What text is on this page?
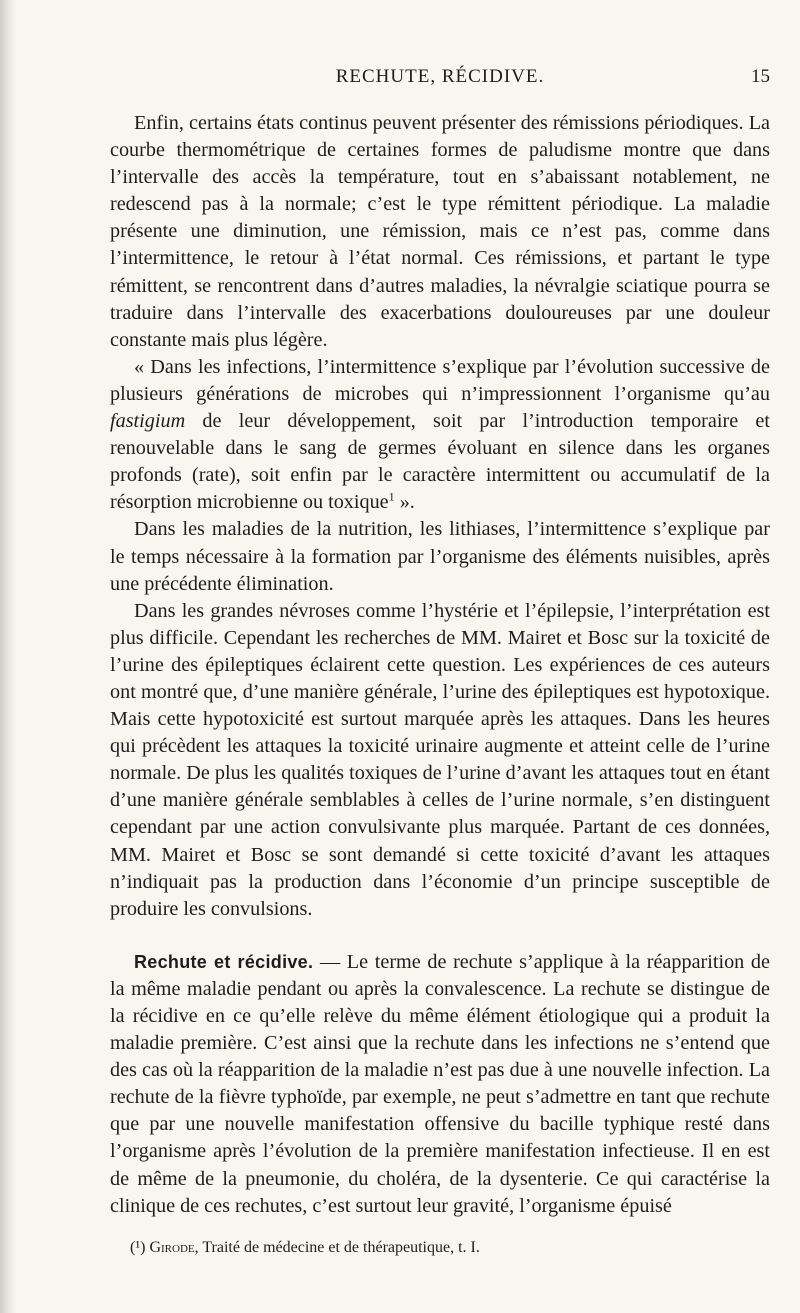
RECHUTE, RÉCIDIVE.	15

Enfin, certains états continus peuvent présenter des rémissions périodiques. La courbe thermométrique de certaines formes de paludisme montre que dans l’intervalle des accès la température, tout en s’abaissant notablement, ne redescend pas à la normale; c’est le type rémittent périodique. La maladie présente une diminution, une rémission, mais ce n’est pas, comme dans l’intermittence, le retour à l’état normal. Ces rémissions, et partant le type rémittent, se rencontrent dans d’autres maladies, la névralgie sciatique pourra se traduire dans l’intervalle des exacerbations douloureuses par une douleur constante mais plus légère.

« Dans les infections, l’intermittence s’explique par l’évolution successive de plusieurs générations de microbes qui n’impressionnent l’organisme qu’au fastigium de leur développement, soit par l’introduction temporaire et renouvelable dans le sang de germes évoluant en silence dans les organes profonds (rate), soit enfin par le caractère intermittent ou accumulatif de la résorption microbienne ou toxique$^1$ ».

Dans les maladies de la nutrition, les lithiases, l’intermittence s’explique par le temps nécessaire à la formation par l’organisme des éléments nuisibles, après une précédente élimination.

Dans les grandes névroses comme l’hystérie et l’épilepsie, l’interprétation est plus difficile. Cependant les recherches de MM. Mairet et Bosc sur la toxicité de l’urine des épileptiques éclairent cette question. Les expériences de ces auteurs ont montré que, d’une manière générale, l’urine des épileptiques est hypotoxique. Mais cette hypotoxicité est surtout marquée après les attaques. Dans les heures qui précèdent les attaques la toxicité urinaire augmente et atteint celle de l’urine normale. De plus les qualités toxiques de l’urine d’avant les attaques tout en étant d’une manière générale semblables à celles de l’urine normale, s’en distinguent cependant par une action convulsivante plus marquée. Partant de ces données, MM. Mairet et Bosc se sont demandé si cette toxicité d’avant les attaques n’indiquait pas la production dans l’économie d’un principe susceptible de produire les convulsions.

Rechute et récidive. — Le terme de rechute s’applique à la réapparition de la même maladie pendant ou après la convalescence. La rechute se distingue de la récidive en ce qu’elle relève du même élément étiologique qui a produit la maladie première. C’est ainsi que la rechute dans les infections ne s’entend que des cas où la réapparition de la maladie n’est pas due à une nouvelle infection. La rechute de la fièvre typhoïde, par exemple, ne peut s’admettre en tant que rechute que par une nouvelle manifestation offensive du bacille typhique resté dans l’organisme après l’évolution de la première manifestation infectieuse. Il en est de même de la pneumonie, du choléra, de la dysenterie. Ce qui caractérise la clinique de ces rechutes, c’est surtout leur gravité, l’organisme épuisé

(¹) Girode, Traité de médecine et de thérapeutique, t. I.
